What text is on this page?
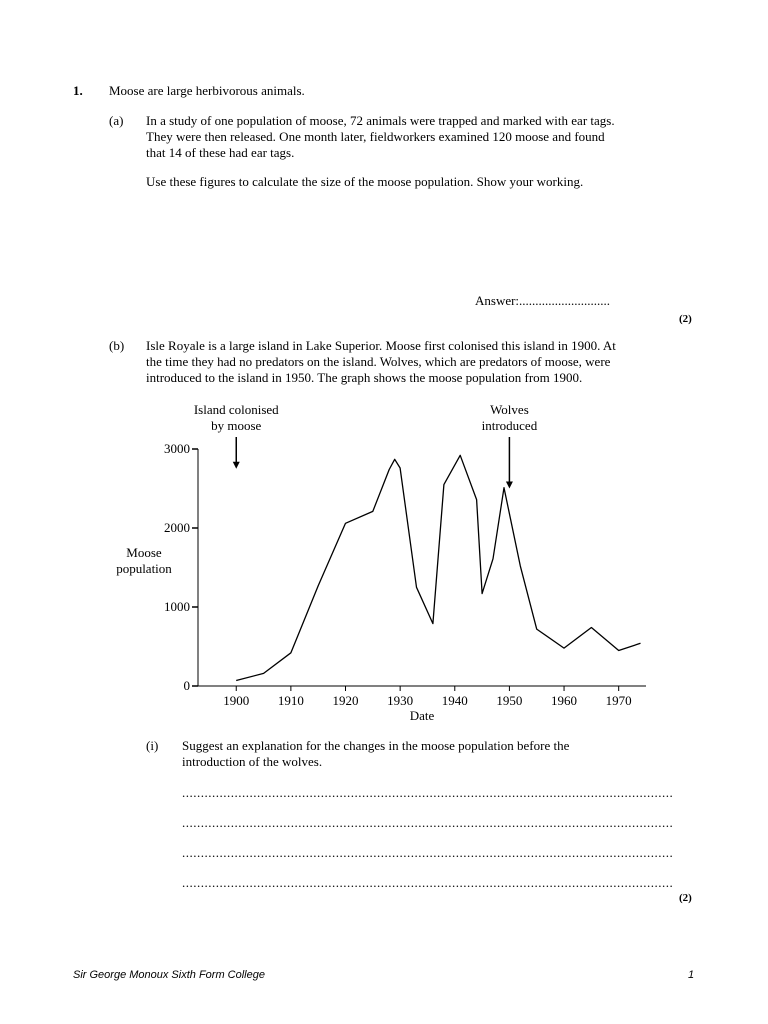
1. Moose are large herbivorous animals.
(a) In a study of one population of moose, 72 animals were trapped and marked with ear tags.
They were then released. One month later, fieldworkers examined 120 moose and found
that 14 of these had ear tags.
Use these figures to calculate the size of the moose population. Show your working.
Answer:............................
(2)
(b) Isle Royale is a large island in Lake Superior. Moose first colonised this island in 1900. At
the time they had no predators on the island. Wolves, which are predators of moose, were
introduced to the island in 1950. The graph shows the moose population from 1900.
0
1000
2000
3000
1900 1910 1920 1930 1940 1950 1960 1970
Date
Moose
population
Island colonised
by moose
Wolves
introduced
(i) Suggest an explanation for the changes in the moose population before the
introduction of the wolves.
...................................................................................................................................
...................................................................................................................................
...................................................................................................................................
...................................................................................................................................
(2)
Sir George Monoux Sixth Form College	1
